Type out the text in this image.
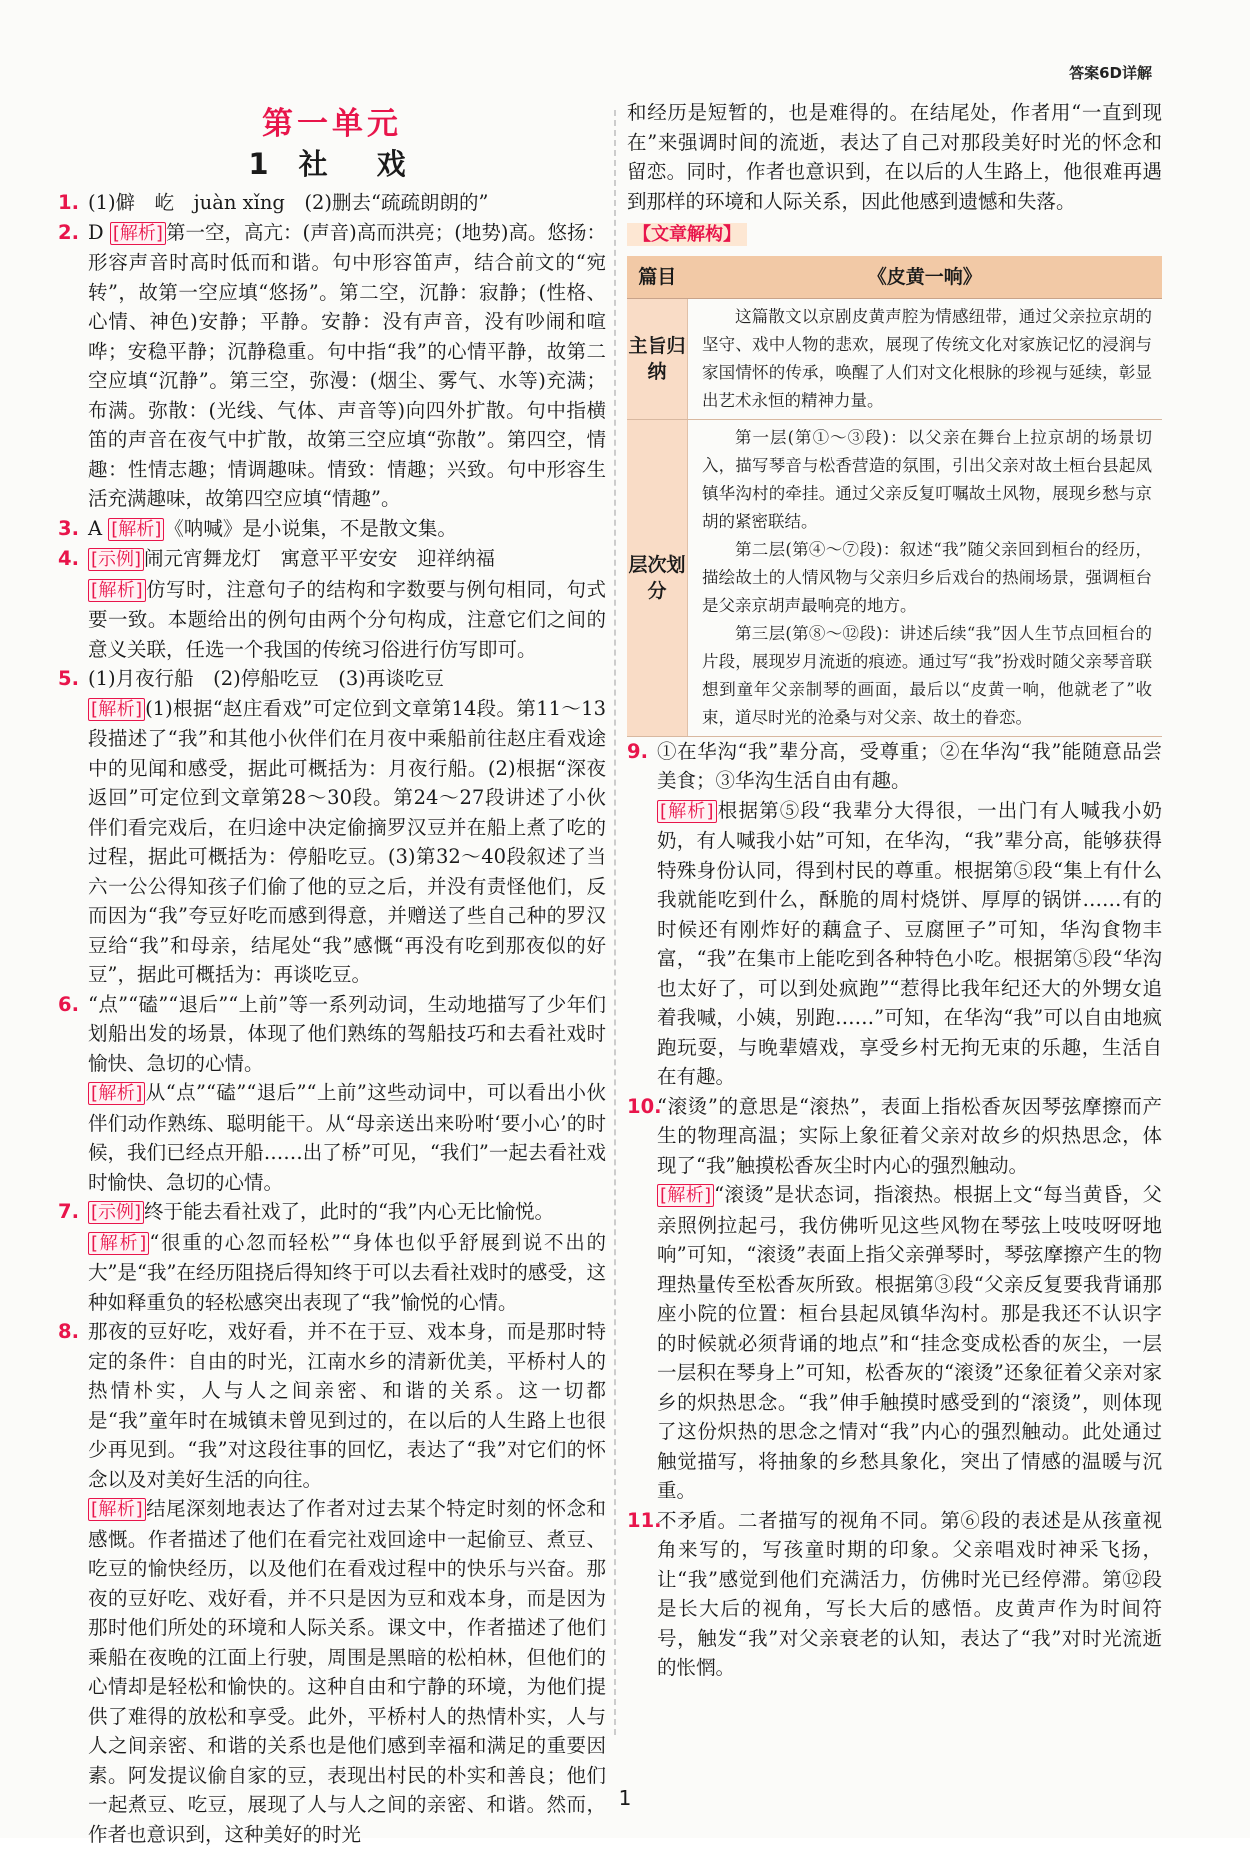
答案6D详解
第一单元
1 社　戏
1. (1)僻　屹　juàn xǐng　(2)删去“疏疏朗朗的”
2. D [解析] 第一空，高亢：(声音)高而洪亮；(地势)高。悠扬：形容声音时高时低而和谐。句中形容笛声，结合前文的“宛转”，故第一空应填“悠扬”。第二空，沉静：寂静；(性格、心情、神色)安静；平静。安静：没有声音，没有吵闹和喧哗；安稳平静；沉静稳重。句中指“我”的心情平静，故第二空应填“沉静”。第三空，弥漫：(烟尘、雾气、水等)充满；布满。弥散：(光线、气体、声音等)向四外扩散。句中指横笛的声音在夜气中扩散，故第三空应填“弥散”。第四空，情趣：性情志趣；情调趣味。情致：情趣；兴致。句中形容生活充满趣味，故第四空应填“情趣”。
3. A [解析] 《呐喊》是小说集，不是散文集。
4. [示例] 闹元宵舞龙灯　寓意平平安安　迎祥纳福
[解析] 仿写时，注意句子的结构和字数要与例句相同，句式要一致。本题给出的例句由两个分句构成，注意它们之间的意义关联，任选一个我国的传统习俗进行仿写即可。
5. (1)月夜行船　(2)停船吃豆　(3)再谈吃豆
[解析] (1)根据“赵庄看戏”可定位到文章第14段。第11～13段描述了“我”和其他小伙伴们在月夜中乘船前往赵庄看戏途中的见闻和感受，据此可概括为：月夜行船。(2)根据“深夜返回”可定位到文章第28～30段。第24～27段讲述了小伙伴们看完戏后，在归途中决定偷摘罗汉豆并在船上煮了吃的过程，据此可概括为：停船吃豆。(3)第32～40段叙述了当六一公公得知孩子们偷了他的豆之后，并没有责怪他们，反而因为“我”夸豆好吃而感到得意，并赠送了些自己种的罗汉豆给“我”和母亲，结尾处“我”感慨“再没有吃到那夜似的好豆”，据此可概括为：再谈吃豆。
6. “点”“磕”“退后”“上前”等一系列动词，生动地描写了少年们划船出发的场景，体现了他们熟练的驾船技巧和去看社戏时愉快、急切的心情。
[解析] 从“点”“磕”“退后”“上前”这些动词中，可以看出小伙伴们动作熟练、聪明能干。从“母亲送出来吩咐‘要小心’的时候，我们已经点开船……出了桥”可见，“我们”一起去看社戏时愉快、急切的心情。
7. [示例] 终于能去看社戏了，此时的“我”内心无比愉悦。
[解析] “很重的心忽而轻松”“身体也似乎舒展到说不出的大”是“我”在经历阻挠后得知终于可以去看社戏时的感受，这种如释重负的轻松感突出表现了“我”愉悦的心情。
8. 那夜的豆好吃，戏好看，并不在于豆、戏本身，而是那时特定的条件：自由的时光，江南水乡的清新优美，平桥村人的热情朴实，人与人之间亲密、和谐的关系。这一切都是“我”童年时在城镇未曾见到过的，在以后的人生路上也很少再见到。“我”对这段往事的回忆，表达了“我”对它们的怀念以及对美好生活的向往。
[解析] 结尾深刻地表达了作者对过去某个特定时刻的怀念和感慨。作者描述了他们在看完社戏回途中一起偷豆、煮豆、吃豆的愉快经历，以及他们在看戏过程中的快乐与兴奋。那夜的豆好吃、戏好看，并不只是因为豆和戏本身，而是因为那时他们所处的环境和人际关系。课文中，作者描述了他们乘船在夜晚的江面上行驶，周围是黑暗的松柏林，但他们的心情却是轻松和愉快的。这种自由和宁静的环境，为他们提供了难得的放松和享受。此外，平桥村人的热情朴实，人与人之间亲密、和谐的关系也是他们感到幸福和满足的重要因素。阿发提议偷自家的豆，表现出村民的朴实和善良；他们一起煮豆、吃豆，展现了人与人之间的亲密、和谐。然而，作者也意识到，这种美好的时光
和经历是短暂的，也是难得的。在结尾处，作者用“一直到现在”来强调时间的流逝，表达了自己对那段美好时光的怀念和留恋。同时，作者也意识到，在以后的人生路上，他很难再遇到那样的环境和人际关系，因此他感到遗憾和失落。
【文章解构】
篇目	《皮黄一响》
主旨归纳	这篇散文以京剧皮黄声腔为情感纽带，通过父亲拉京胡的坚守、戏中人物的悲欢，展现了传统文化对家族记忆的浸润与家国情怀的传承，唤醒了人们对文化根脉的珍视与延续，彰显出艺术永恒的精神力量。

层次划分	第一层(第①～③段)：以父亲在舞台上拉京胡的场景切入，描写琴音与松香营造的氛围，引出父亲对故土桓台县起凤镇华沟村的牵挂。通过父亲反复叮嘱故土风物，展现乡愁与京胡的紧密联结。

第二层(第④～⑦段)：叙述“我”随父亲回到桓台的经历，描绘故土的人情风物与父亲归乡后戏台的热闹场景，强调桓台是父亲京胡声最响亮的地方。

第三层(第⑧～⑫段)：讲述后续“我”因人生节点回桓台的片段，展现岁月流逝的痕迹。通过写“我”扮戏时随父亲琴音联想到童年父亲制琴的画面，最后以“皮黄一响，他就老了”收束，道尽时光的沧桑与对父亲、故土的眷恋。

9. ①在华沟“我”辈分高，受尊重；②在华沟“我”能随意品尝美食；③华沟生活自由有趣。
[解析] 根据第⑤段“我辈分大得很，一出门有人喊我小奶奶，有人喊我小姑”可知，在华沟，“我”辈分高，能够获得特殊身份认同，得到村民的尊重。根据第⑤段“集上有什么我就能吃到什么，酥脆的周村烧饼、厚厚的锅饼……有的时候还有刚炸好的藕盒子、豆腐匣子”可知，华沟食物丰富，“我”在集市上能吃到各种特色小吃。根据第⑤段“华沟也太好了，可以到处疯跑”“惹得比我年纪还大的外甥女追着我喊，小姨，别跑……”可知，在华沟“我”可以自由地疯跑玩耍，与晚辈嬉戏，享受乡村无拘无束的乐趣，生活自在有趣。
10.
“滚烫”的意思是“滚热”，表面上指松香灰因琴弦摩擦而产生的物理高温；实际上象征着父亲对故乡的炽热思念，体现了“我”触摸松香灰尘时内心的强烈触动。
[解析] “滚烫”是状态词，指滚热。根据上文“每当黄昏，父亲照例拉起弓，我仿佛听见这些风物在琴弦上吱吱呀呀地响”可知，“滚烫”表面上指父亲弹琴时，琴弦摩擦产生的物理热量传至松香灰所致。根据第③段“父亲反复要我背诵那座小院的位置：桓台县起凤镇华沟村。那是我还不认识字的时候就必须背诵的地点”和“挂念变成松香的灰尘，一层一层积在琴身上”可知，松香灰的“滚烫”还象征着父亲对家乡的炽热思念。“我”伸手触摸时感受到的“滚烫”，则体现了这份炽热的思念之情对“我”内心的强烈触动。此处通过触觉描写，将抽象的乡愁具象化，突出了情感的温暖与沉重。
11.
不矛盾。二者描写的视角不同。第⑥段的表述是从孩童视角来写的，写孩童时期的印象。父亲唱戏时神采飞扬，让“我”感觉到他们充满活力，仿佛时光已经停滞。第⑫段是长大后的视角，写长大后的感悟。皮黄声作为时间符号，触发“我”对父亲衰老的认知，表达了“我”对时光流逝的怅惘。
1
